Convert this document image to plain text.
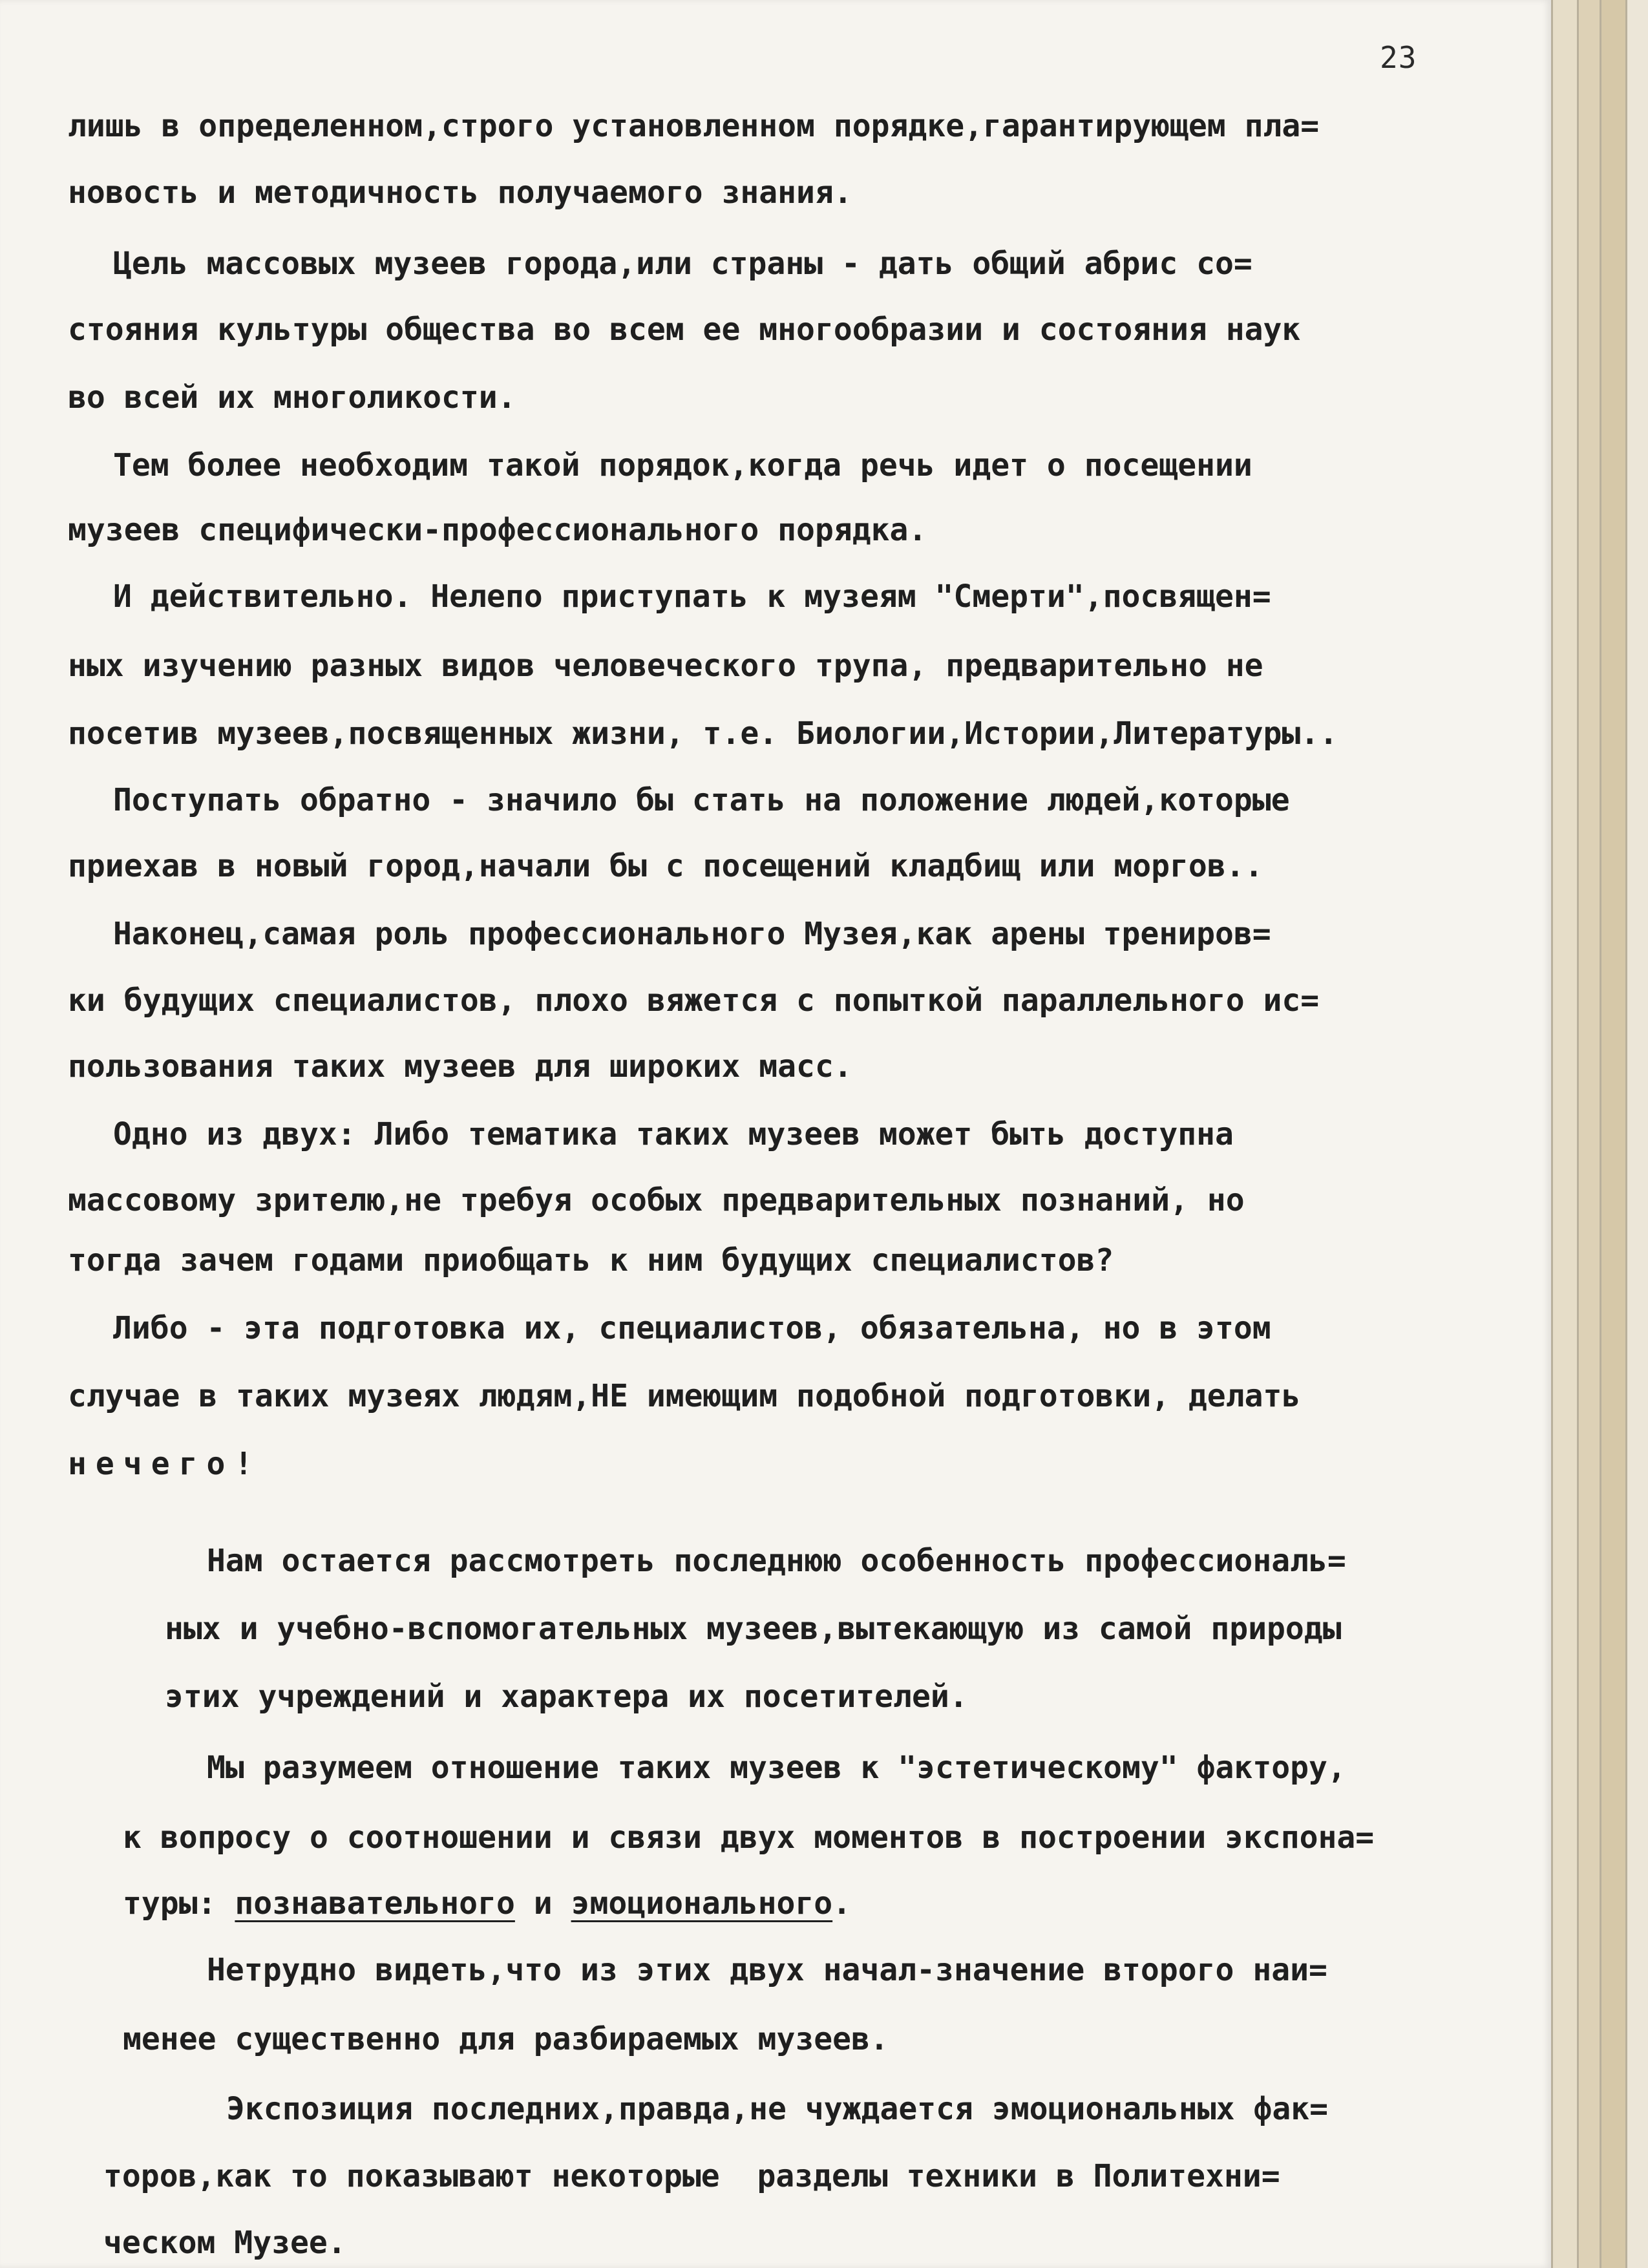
23
лишь в определенном,строго установленном порядке,гарантирующем пла=
новость и методичность получаемого знания.
Цель массовых музеев города,или страны - дать общий абрис со=
стояния культуры общества во всем ее многообразии и состояния наук
во всей их многоликости.
Тем более необходим такой порядок,когда речь идет о посещении
музеев специфически-профессионального порядка.
И действительно. Нелепо приступать к музеям "Смерти",посвящен=
ных изучению разных видов человеческого трупа, предварительно не
посетив музеев,посвященных жизни, т.е. Биологии,Истории,Литературы..
Поступать обратно - значило бы стать на положение людей,которые
приехав в новый город,начали бы с посещений кладбищ или моргов..
Наконец,самая роль профессионального Музея,как арены трениров=
ки будущих специалистов, плохо вяжется с попыткой параллельного ис=
пользования таких музеев для широких масс.
Одно из двух: Либо тематика таких музеев может быть доступна
массовому зрителю,не требуя особых предварительных познаний, но
тогда зачем годами приобщать к ним будущих специалистов?
Либо - эта подготовка их, специалистов, обязательна, но в этом
случае в таких музеях людям,НЕ имеющим подобной подготовки, делать
нечего!
Нам остается рассмотреть последнюю особенность профессиональ=
ных и учебно-вспомогательных музеев,вытекающую из самой природы
этих учреждений и характера их посетителей.
Мы разумеем отношение таких музеев к "эстетическому" фактору,
к вопросу о соотношении и связи двух моментов в построении экспона=
туры: познавательного и эмоционального.
Нетрудно видеть,что из этих двух начал-значение второго наи=
менее существенно для разбираемых музеев.
Экспозиция последних,правда,не чуждается эмоциональных фак=
торов,как то показывают некоторые  разделы техники в Политехни=
ческом Музее.
